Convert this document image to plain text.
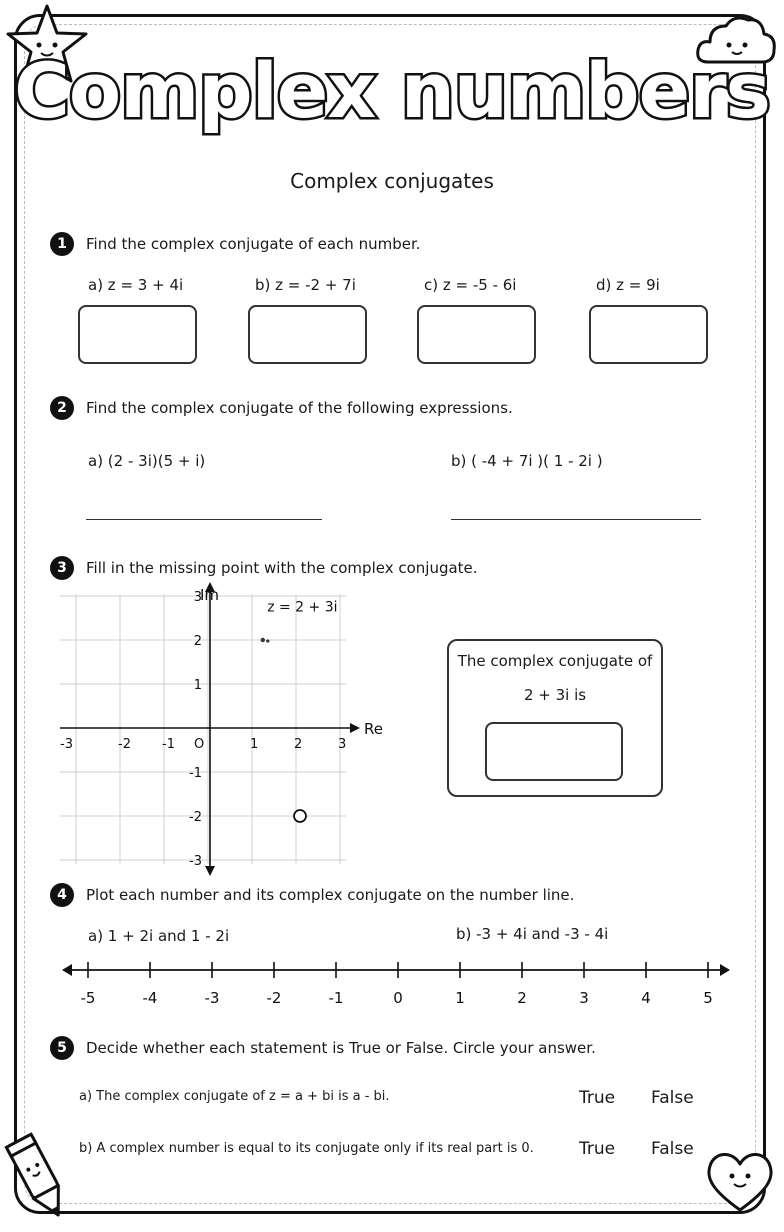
Complex numbers
Complex conjugates
1	Find the complex conjugate of each number.
a) z = 3 + 4i	b) z = -2 + 7i	c) z = -5 - 6i	d) z = 9i
2	Find the complex conjugate of the following expressions.
a) (2 - 3i)(5 + i)	b) ( -4 + 7i )( 1 - 2i )
3	Fill in the missing point with the complex conjugate.
-3	-2 -1 O	1	2	3
3
2
1
-1
-2
-3
Im
Re
z = 2 + 3i
The complex conjugate of
2 + 3i is
4	Plot each number and its complex conjugate on the number line.
a) 1 + 2i and 1 - 2i	b) -3 + 4i and -3 - 4i
-5	-4	-3	-2	-1	0	1	2	3	4	5
5	Decide whether each statement is True or False. Circle your answer.
a) The complex conjugate of z = a + bi is a - bi.	True False
b) A complex number is equal to its conjugate only if its real part is 0.	True False
